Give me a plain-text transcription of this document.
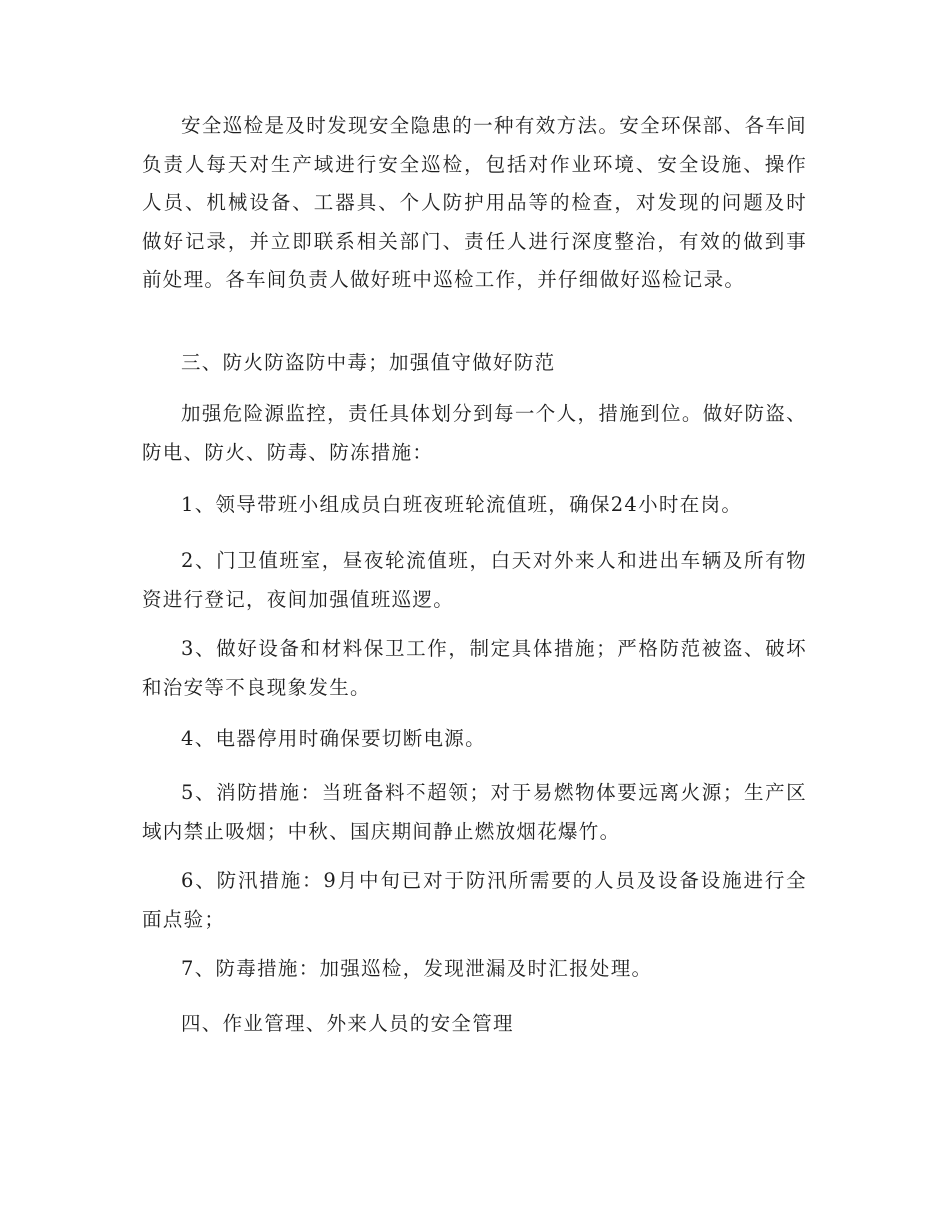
安全巡检是及时发现安全隐患的一种有效方法。安全环保部、各车间负责人每天对生产域进行安全巡检，包括对作业环境、安全设施、操作人员、机械设备、工器具、个人防护用品等的检查，对发现的问题及时做好记录，并立即联系相关部门、责任人进行深度整治，有效的做到事前处理。各车间负责人做好班中巡检工作，并仔细做好巡检记录。

三、防火防盗防中毒；加强值守做好防范

加强危险源监控，责任具体划分到每一个人，措施到位。做好防盗、防电、防火、防毒、防冻措施：

1、领导带班小组成员白班夜班轮流值班，确保24小时在岗。

2、门卫值班室，昼夜轮流值班，白天对外来人和进出车辆及所有物资进行登记，夜间加强值班巡逻。

3、做好设备和材料保卫工作，制定具体措施；严格防范被盗、破坏和治安等不良现象发生。

4、电器停用时确保要切断电源。

5、消防措施：当班备料不超领；对于易燃物体要远离火源；生产区域内禁止吸烟；中秋、国庆期间静止燃放烟花爆竹。

6、防汛措施：9月中旬已对于防汛所需要的人员及设备设施进行全面点验；

7、防毒措施：加强巡检，发现泄漏及时汇报处理。

四、作业管理、外来人员的安全管理
